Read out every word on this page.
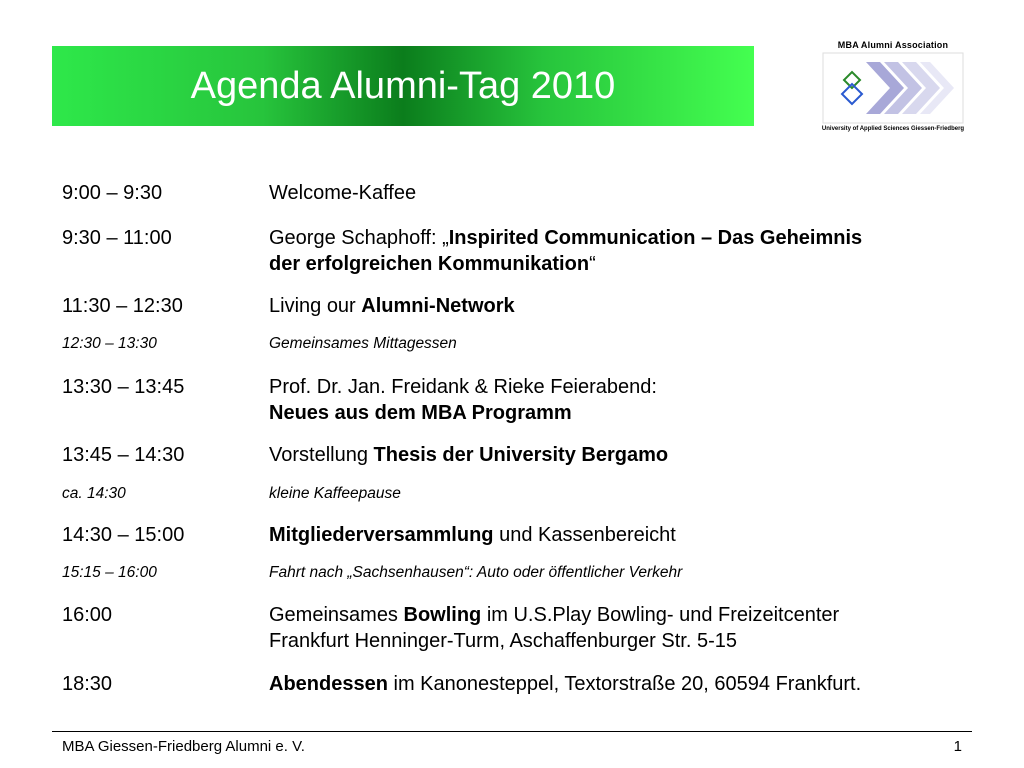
Agenda Alumni-Tag 2010
MBA Alumni Association
University of Applied Sciences Giessen-Friedberg
9:00 – 9:30	Welcome-Kaffee
9:30 – 11:00	George Schaphoff: „Inspirited Communication – Das Geheimnis
der erfolgreichen Kommunikation“
11:30 – 12:30	Living our Alumni-Network
12:30 – 13:30	Gemeinsames Mittagessen
13:30 – 13:45	Prof. Dr. Jan. Freidank & Rieke Feierabend:
Neues aus dem MBA Programm
13:45 – 14:30	Vorstellung Thesis der University Bergamo
ca. 14:30	kleine Kaffeepause
14:30 – 15:00	Mitgliederversammlung und Kassenbereicht
15:15 – 16:00	Fahrt nach „Sachsenhausen“: Auto oder öffentlicher Verkehr
16:00	Gemeinsames Bowling im U.S.Play Bowling- und Freizeitcenter
Frankfurt Henninger-Turm, Aschaffenburger Str. 5-15
18:30	Abendessen im Kanonesteppel, Textorstraße 20, 60594 Frankfurt.
MBA Giessen-Friedberg Alumni e. V.	1
